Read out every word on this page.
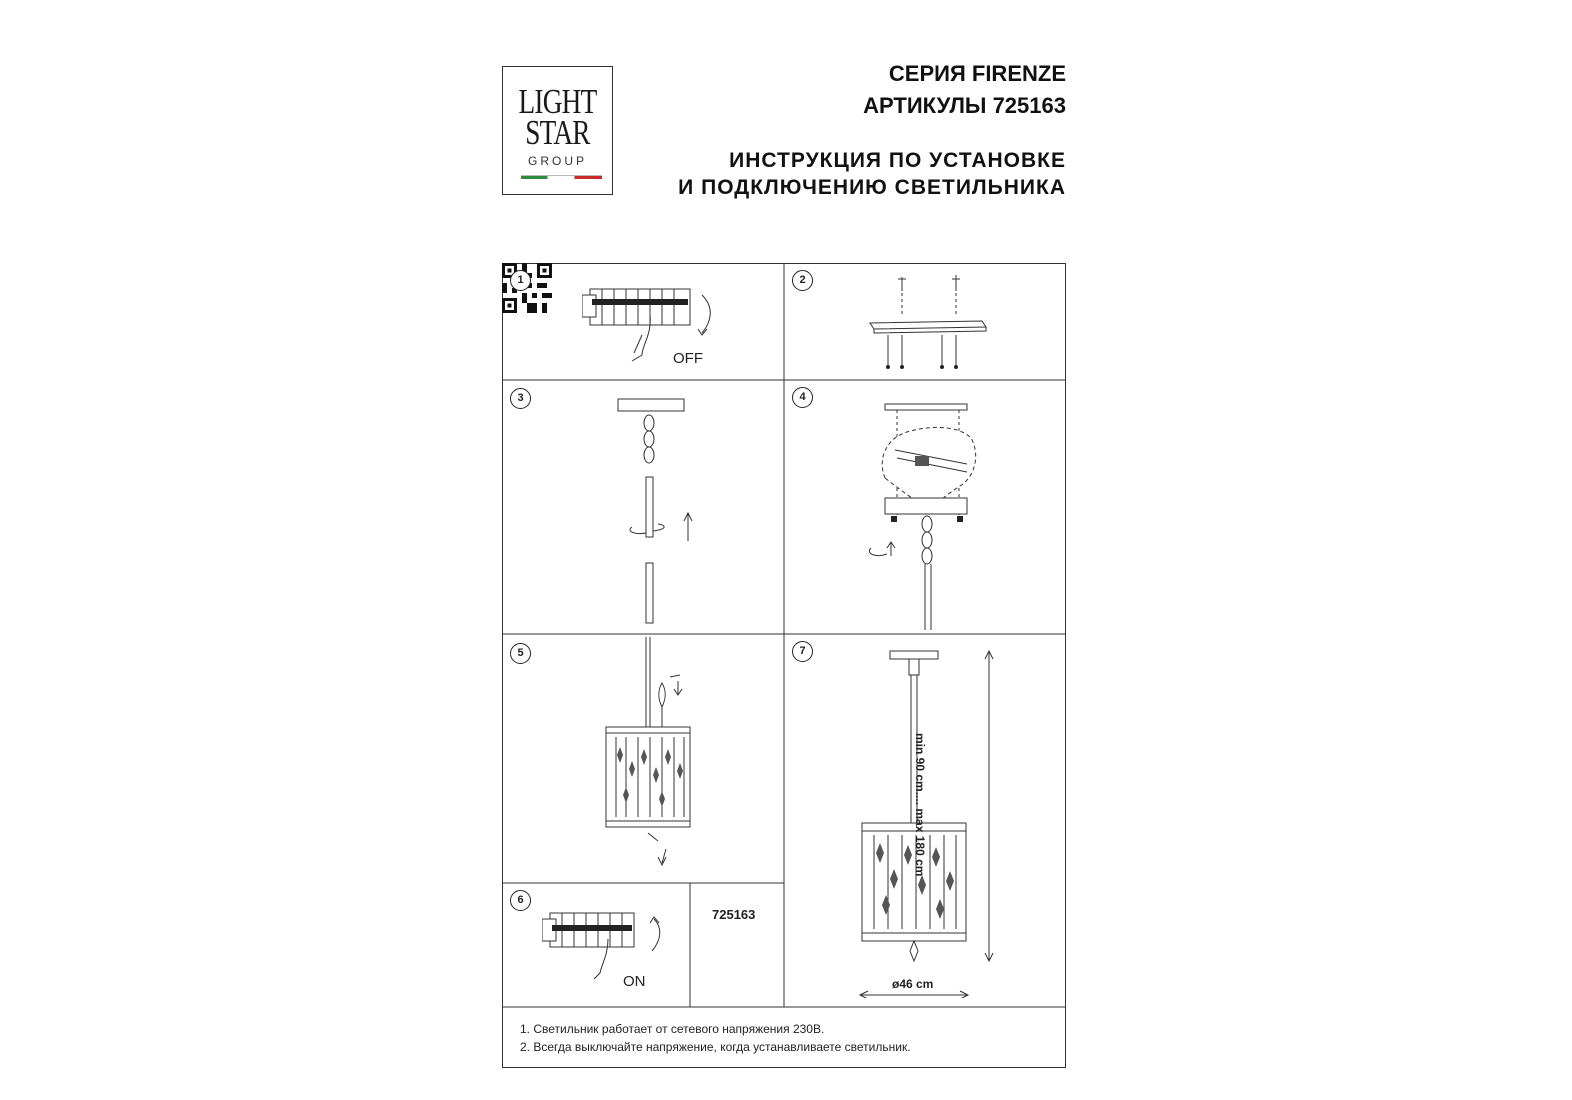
LIGHT
STAR
GROUP
СЕРИЯ FIRENZE
АРТИКУЛЫ 725163
ИНСТРУКЦИЯ ПО УСТАНОВКЕ
И ПОДКЛЮЧЕНИЮ СВЕТИЛЬНИКА
OFF
ON
725163
min 90 cm.... max 180 cm
ø46 cm
1	2
3	4
5
6
7
1. Светильник работает от сетевого напряжения 230В.
2. Всегда выключайте напряжение, когда устанавливаете светильник.
